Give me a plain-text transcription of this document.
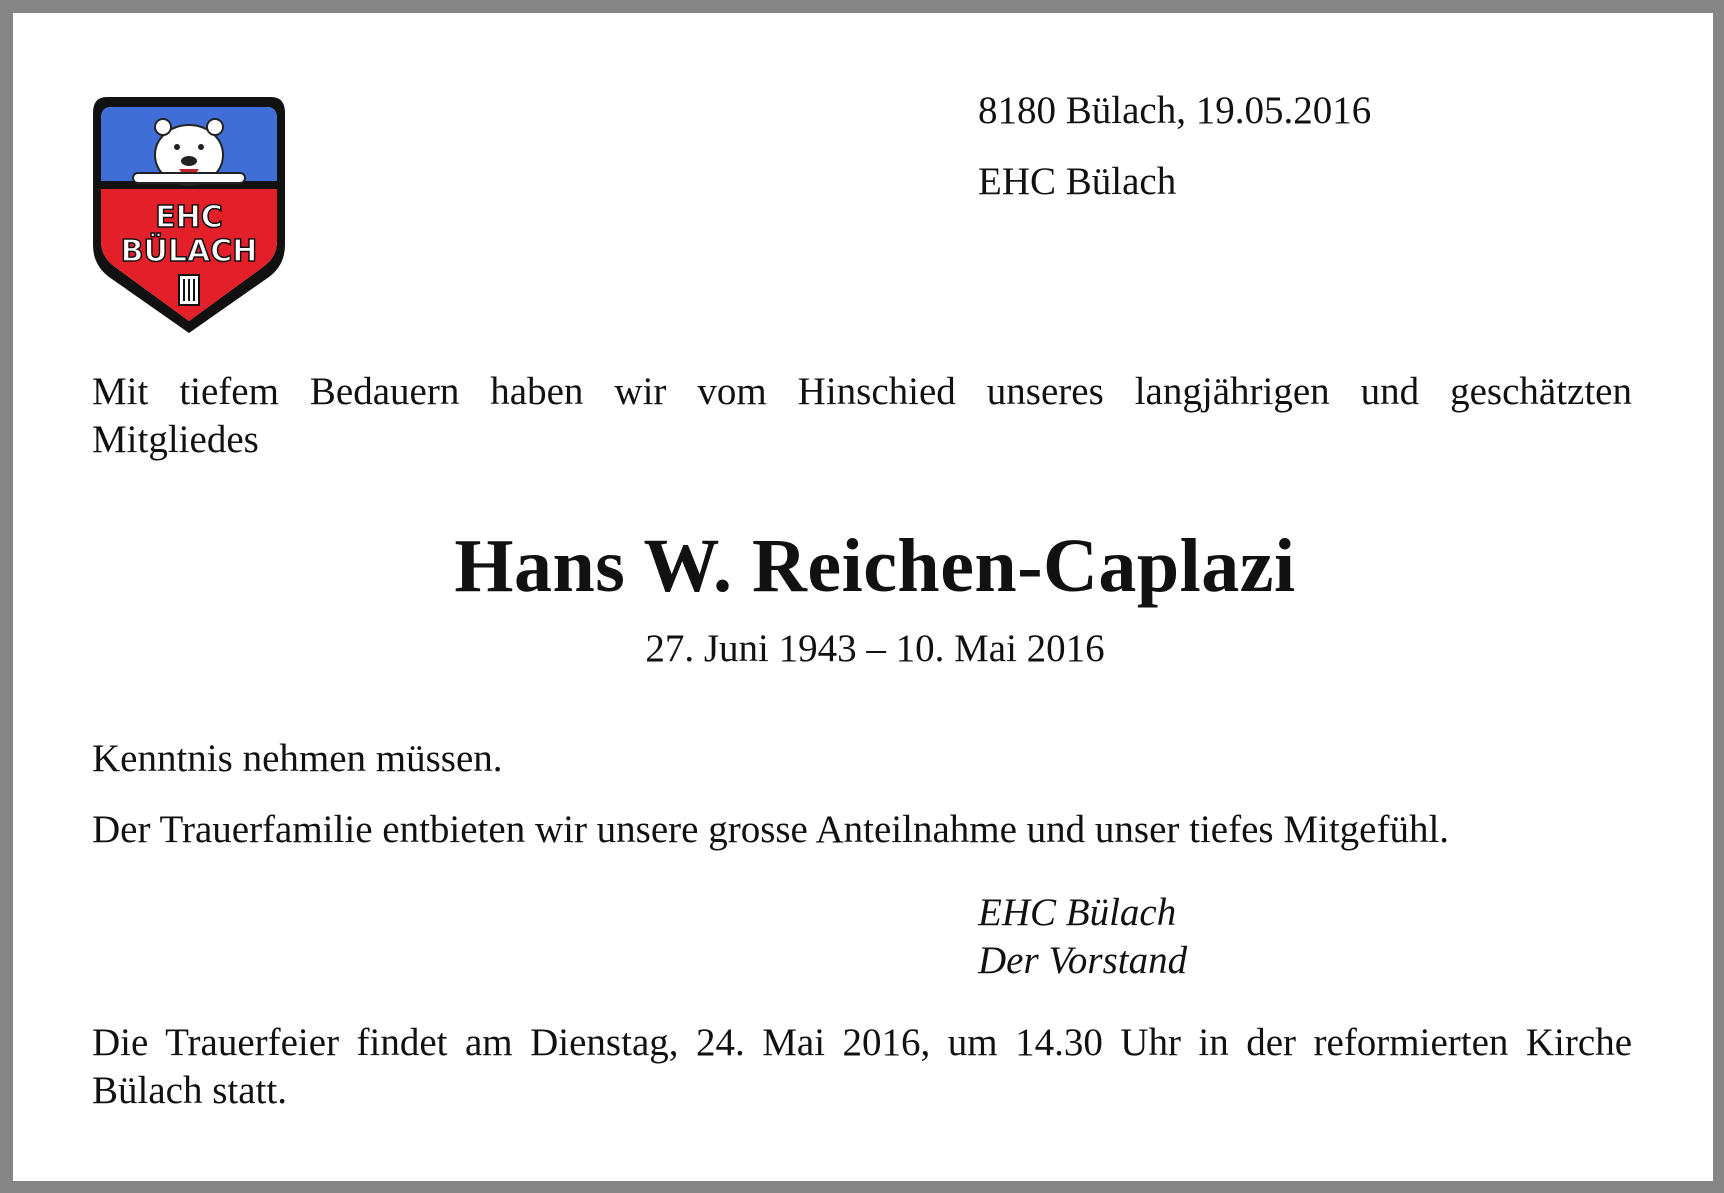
EHC
BÜLACH
8180 Bülach, 19.05.2016
EHC Bülach
Mit tiefem Bedauern haben wir vom Hinschied unseres langjährigen und geschätzten
Mitgliedes
Hans W. Reichen-Caplazi
27. Juni 1943 – 10. Mai 2016
Kenntnis nehmen müssen.
Der Trauerfamilie entbieten wir unsere grosse Anteilnahme und unser tiefes Mitgefühl.
EHC Bülach
Der Vorstand
Die Trauerfeier findet am Dienstag, 24. Mai 2016, um 14.30 Uhr in der reformierten Kirche
Bülach statt.
